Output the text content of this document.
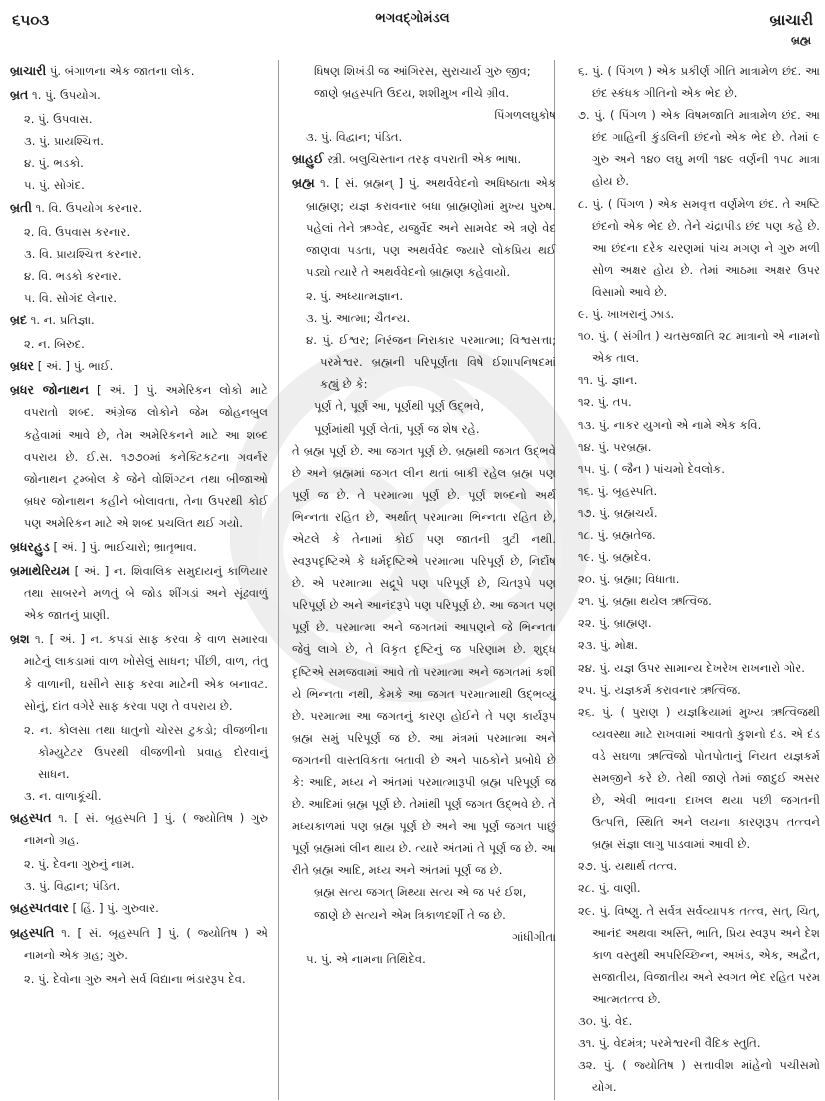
૬૫૦૩	ભગવદ્ગોમંડલ	બ્રાચારી
બ્રહ્મ

બ્રાચારી પું. બંગાળના એક જાતના લોક.

બ્રત ૧. પું. ઉપયોગ.

૨. પું. ઉપવાસ.

૩. પું. પ્રાયશ્ચિત્ત.

૪. પું. ભડકો.

૫. પું. સોગંદ.

બ્રતી ૧. વિ. ઉપયોગ કરનાર.

૨. વિ. ઉપવાસ કરનાર.

૩. વિ. પ્રાયશ્ચિત્ત કરનાર.

૪. વિ. ભડકો કરનાર.

૫. વિ. સોગંદ લેનાર.

બ્રદ ૧. ન. પ્રતિજ્ઞા.

૨. ન. બિરુદ.

બ્રધર [ અં. ] પું. ભાઈ.

બ્રધર જોનાથન [ અં. ] પું. અમેરિકન લોકો માટે વપરાતો શબ્દ. અંગ્રેજ લોકોને જેમ જોહનબુલ કહેવામાં આવે છે, તેમ અમેરિકનને માટે આ શબ્દ વપરાય છે. ઈ.સ. ૧૭૭૦માં કનેક્ટિકટના ગવર્નર જોનાથન ટ્રમ્બોલ કે જેને વોશિંગ્ટન તથા બીજાઓ બ્રધર જોનાથન કહીને બોલાવતા, તેના ઉપરથી કોઈ પણ અમેરિકન માટે એ શબ્દ પ્રચલિત થઈ ગયો.

બ્રધરહુડ [ અં. ] પું. ભાઈચારો; ભ્રાતૃભાવ.

બ્રમાથેરિયમ [ અં. ] ન. શિવાલિક સમુદાયનું કાળિયાર તથા સાબરને મળતું બે જોડ શીંગડાં અને સૂંઢવાળું એક જાતનું પ્રાણી.

બ્રશ ૧. [ અં. ] ન. કપડાં સાફ કરવા કે વાળ સમારવા માટેનું લાકડામાં વાળ ખોસેલું સાધન; પીંછી, વાળ, તંતુ કે વાળાની, ઘસીને સાફ કરવા માટેની એક બનાવટ. સોનું, દાંત વગેરે સાફ કરવા પણ તે વપરાય છે.

૨. ન. કોલસા તથા ધાતુનો ચોરસ ટુકડો; વીજળીના કોમ્યુટેટર ઉપરથી વીજળીનો પ્રવાહ દોરવાનું સાધન.

૩. ન. વાળાકૂંચી.

બ્રહસ્પત ૧. [ સં. બૃહસ્પતિ ] પું. ( જ્યોતિષ ) ગુરુ નામનો ગ્રહ.

૨. પું. દેવના ગુરુનું નામ.

૩. પું. વિદ્વાન; પંડિત.

બ્રહસ્પતવાર [ હિં. ] પું. ગુરુવાર.

બ્રહસ્પતિ ૧. [ સં. બૃહસ્પતિ ] પું. ( જ્યોતિષ ) એ નામનો એક ગ્રહ; ગુરુ.

૨. પું. દેવોના ગુરુ અને સર્વ વિદ્યાના ભંડારરૂપ દેવ.

ધિષણ શિખંડી જ આંગિરસ, સુરાચાર્ય ગુરુ જીવ;

જાણે બ્રહસ્પતિ ઉદય, શશીમુખ નીચે ગ્રીવ.

પિંગળલઘુકોષ

૩. પું. વિદ્વાન; પંડિત.

બ્રાહુઈ સ્ત્રી. બલુચિસ્તાન તરફ વપરાતી એક ભાષા.

બ્રહ્મ ૧. [ સં. બ્રહ્મન્ ] પું. અથર્વવેદનો અધિષ્ઠાતા એક બ્રાહ્મણ; યજ્ઞ કરાવનાર બધા બ્રાહ્મણોમાં મુખ્ય પુરુષ. પહેલાં તેને ઋગ્વેદ, યજુર્વેદ અને સામવેદ એ ત્રણે વેદ જાણવા પડતા, પણ અથર્વવેદ જ્યારે લોકપ્રિય થઈ પડ્યો ત્યારે તે અથર્વવેદનો બ્રાહ્મણ કહેવાયો.

૨. પું. અધ્યાત્મજ્ઞાન.

૩. પું. આત્મા; ચૈતન્ય.

૪. પું. ઈશ્વર; નિરંજન નિરાકાર પરમાત્મા; વિશ્વસત્તા; પરમેશ્વર. બ્રહ્મની પરિપૂર્ણતા વિષે ઈશાપનિષદમાં કહ્યું છે કે:

પૂર્ણ તે, પૂર્ણ આ, પૂર્ણથી પૂર્ણ ઉદ્ભવે,

પૂર્ણમાંથી પૂર્ણ લેતાં, પૂર્ણ જ શેષ રહે.

તે બ્રહ્મ પૂર્ણ છે. આ જગત પૂર્ણ છે. બ્રહ્મથી જગત ઉદ્ભવે છે અને બ્રહ્મમાં જગત લીન થતાં બાકી રહેલ બ્રહ્મ પણ પૂર્ણ જ છે. તે પરમાત્મા પૂર્ણ છે. પૂર્ણ શબ્દનો અર્થ ભિન્નતા રહિત છે, અર્થાત્ પરમાત્મા ભિન્નતા રહિત છે, એટલે કે તેનામાં કોઈ પણ જાતની ત્રુટી નથી. સ્વરૂપદૃષ્ટિએ કે ધર્મદૃષ્ટિએ પરમાત્મા પરિપૂર્ણ છે, નિર્દોષ છે. એ પરમાત્મા સદ્રૂપે પણ પરિપૂર્ણ છે, ચિતરૂપે પણ પરિપૂર્ણ છે અને આનંદરૂપે પણ પરિપૂર્ણ છે. આ જગત પણ પૂર્ણ છે. પરમાત્મા અને જગતમાં આપણને જે ભિન્નતા જેવું લાગે છે, તે વિકૃત દૃષ્ટિનું જ પરિણામ છે. શુદ્ધ દૃષ્ટિએ સમજવામાં આવે તો પરમાત્મા અને જગતમાં કશી યે ભિન્નતા નથી, કેમકે આ જગત પરમાત્માથી ઉદ્ભવ્યું છે. પરમાત્મા આ જગતનું કારણ હોઈને તે પણ કાર્યરૂપ બ્રહ્મ સમું પરિપૂર્ણ જ છે. આ મંત્રમાં પરમાત્મા અને જગતની વાસ્તવિકતા બતાવી છે અને પાઠકોને પ્રબોધે છે કે: આદિ, મધ્ય ને અંતમાં પરમાત્મારૂપી બ્રહ્મ પરિપૂર્ણ જ છે. આદિમાં બ્રહ્મ પૂર્ણ છે. તેમાંથી પૂર્ણ જગત ઉદ્ભવે છે. તે મધ્યકાળમાં પણ બ્રહ્મ પૂર્ણ છે અને આ પૂર્ણ જગત પાછું પૂર્ણ બ્રહ્મમાં લીન થાય છે. ત્યારે અંતમાં તે પૂર્ણ જ છે. આ રીતે બ્રહ્મ આદિ, મધ્ય અને અંતમાં પૂર્ણ જ છે.

બ્રહ્મ સત્ય જગત્ મિથ્યા સત્ય એ જ પરં ઈશ,

જાણે છે સત્યને એમ ત્રિકાળદર્શી તે જ છે.

ગાંધીગીતા

૫. પું. એ નામના તિથિદેવ.

૬. પું. ( પિંગળ ) એક પ્રકીર્ણ ગીતિ માત્રામેળ છંદ. આ છંદ સ્કંધક ગીતિનો એક ભેદ છે.

૭. પું. ( પિંગળ ) એક વિષમજાતિ માત્રામેળ છંદ. આ છંદ ગાહિની કુંડલિની છંદનો એક ભેદ છે. તેમાં ૯ ગુરુ અને ૧૪૦ લઘુ મળી ૧૪૯ વર્ણની ૧૫૮ માત્રા હોય છે.

૮. પું. ( પિંગળ ) એક સમવૃત્ત વર્ણમેળ છંદ. તે અષ્ટિ છંદનો એક ભેદ છે. તેને ચંદ્રાપીડ છંદ પણ કહે છે. આ છંદના દરેક ચરણમાં પાંચ મગણ ને ગુરુ મળી સોળ અક્ષર હોય છે. તેમાં આઠમા અક્ષર ઉપર વિસામો આવે છે.

૯. પું. ખાખરાનું ઝાડ.

૧૦. પું. ( સંગીત ) ચતસ્રજાતિ ૨૮ માત્રાનો એ નામનો એક તાલ.

૧૧. પું. જ્ઞાન.

૧૨. પું. તપ.

૧૩. પું. નાકર યુગનો એ નામે એક કવિ.

૧૪. પું. પરબ્રહ્મ.

૧૫. પું. ( જૈન ) પાંચમો દેવલોક.

૧૬. પું. બૃહસ્પતિ.

૧૭. પું. બ્રહ્મચર્ય.

૧૮. પું. બ્રહ્મતેજ.

૧૯. પું. બ્રહ્મદેવ.

૨૦. પું. બ્રહ્મા; વિધાતા.

૨૧. પું. બ્રહ્મા થયેલ ઋત્વિજ.

૨૨. પું. બ્રાહ્મણ.

૨૩. પું. મોક્ષ.

૨૪. પું. યજ્ઞ ઉપર સામાન્ય દેખરેખ રાખનારો ગોર.

૨૫. પું. યજ્ઞકર્મ કરાવનાર ઋત્વિજ.

૨૬. પું. ( પુરાણ ) યજ્ઞક્રિયામાં મુખ્ય ઋત્વિજથી વ્યવસ્થા માટે રાખવામાં આવતો કુશનો દંડ. એ દંડ વડે સઘળા ઋત્વિજો પોતપોતાનું નિયત યજ્ઞકર્મ સમજીને કરે છે. તેથી જાણે તેમાં જાદુઈ અસર છે, એવી ભાવના દાખલ થયા પછી જગતની ઉત્પત્તિ, સ્થિતિ અને લયના કારણરૂપ તત્ત્વને બ્રહ્મ સંજ્ઞા લાગુ પાડવામાં આવી છે.

૨૭. પું. યથાર્થ તત્ત્વ.

૨૮. પું. વાણી.

૨૯. પું. વિષ્ણુ. તે સર્વત્ર સર્વવ્યાપક તત્ત્વ, સત્, ચિત્, આનંદ અથવા અસ્તિ, ભાતિ, પ્રિય સ્વરૂપ અને દેશ કાળ વસ્તુથી અપરિચ્છિન્ન, અખંડ, એક, અદ્વૈત, સજાતીય, વિજાતીય અને સ્વગત ભેદ રહિત પરમ આત્મતત્ત્વ છે.

૩૦. પું. વેદ.

૩૧. પું. વેદમંત્ર; પરમેશ્વરની વૈદિક સ્તુતિ.

૩૨. પું. ( જ્યોતિષ ) સત્તાવીશ માંહેનો પચીસમો યોગ.
